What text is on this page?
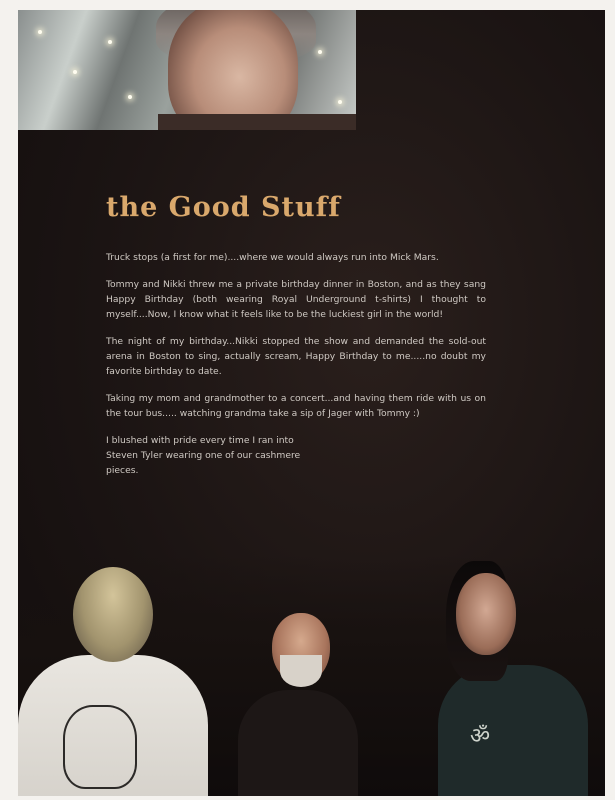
the Good Stuff

Truck stops (a first for me)....where we would always run into Mick Mars.

Tommy and Nikki threw me a private birthday dinner in Boston, and as they sang Happy Birthday (both wearing Royal Underground t-shirts) I thought to myself....Now, I know what it feels like to be the luckiest girl in the world!

The night of my birthday...Nikki stopped the show and demanded the sold-out arena in Boston to sing, actually scream, Happy Birthday to me.....no doubt my favorite birthday to date.

Taking my mom and grandmother to a concert...and having them ride with us on the tour bus..... watching grandma take a sip of Jager with Tommy :)

I blushed with pride every time I ran into Steven Tyler wearing one of our cashmere pieces.

ॐ
